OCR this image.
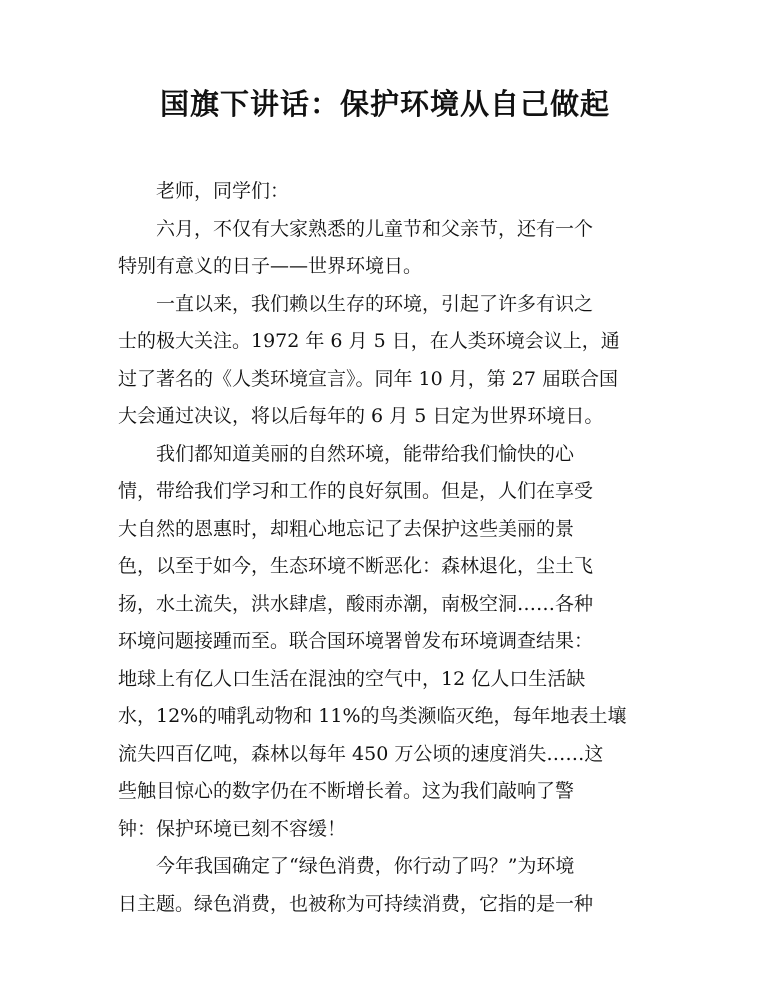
国旗下讲话：保护环境从自己做起

老师，同学们：

六月，不仅有大家熟悉的儿童节和父亲节，还有一个
特别有意义的日子——世界环境日。

一直以来，我们赖以生存的环境，引起了许多有识之
士的极大关注。1972 年 6 月 5 日，在人类环境会议上，通
过了著名的《人类环境宣言》。同年 10 月，第 27 届联合国
大会通过决议，将以后每年的 6 月 5 日定为世界环境日。

我们都知道美丽的自然环境，能带给我们愉快的心
情，带给我们学习和工作的良好氛围。但是，人们在享受
大自然的恩惠时，却粗心地忘记了去保护这些美丽的景
色，以至于如今，生态环境不断恶化：森林退化，尘土飞
扬，水土流失，洪水肆虐，酸雨赤潮，南极空洞……各种
环境问题接踵而至。联合国环境署曾发布环境调查结果：
地球上有亿人口生活在混浊的空气中，12 亿人口生活缺
水，12%的哺乳动物和 11%的鸟类濒临灭绝，每年地表土壤
流失四百亿吨，森林以每年 450 万公顷的速度消失……这
些触目惊心的数字仍在不断增长着。这为我们敲响了警
钟：保护环境已刻不容缓！

今年我国确定了“绿色消费，你行动了吗？”为环境
日主题。绿色消费，也被称为可持续消费，它指的是一种
